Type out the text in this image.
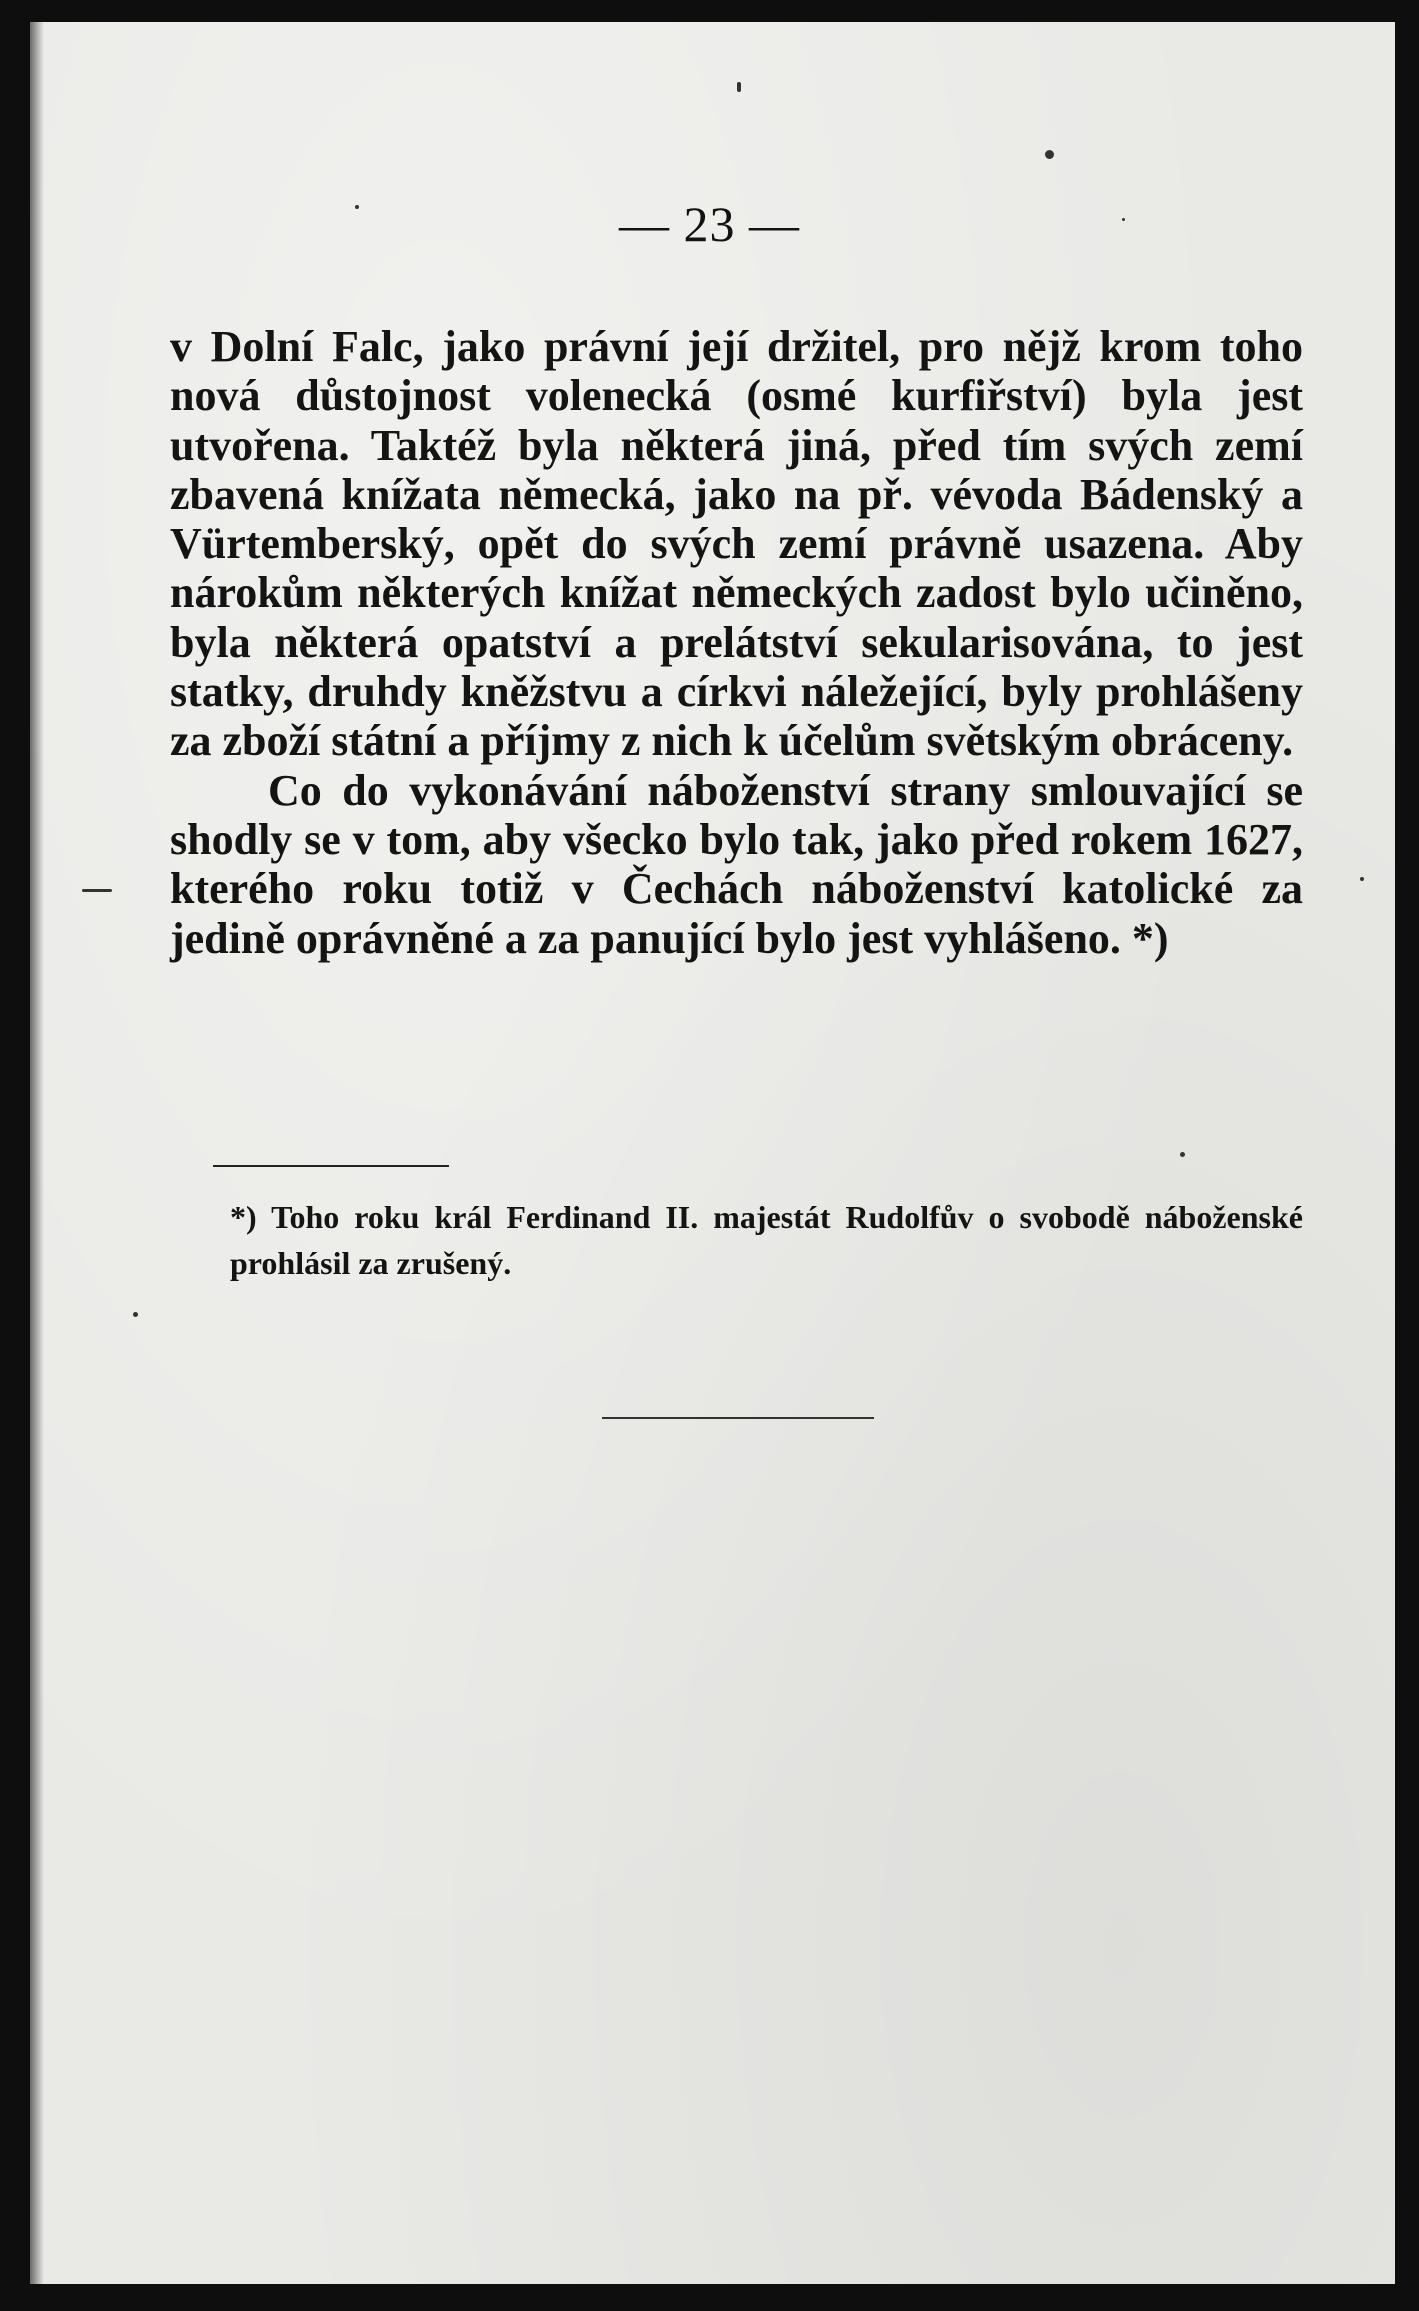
— 23 —

v Dolní Falc, jako právní její držitel, pro nějž krom toho nová důstojnost volenecká (osmé kurfiřství) byla jest utvořena. Taktéž byla některá jiná, před tím svých zemí zbavená knížata německá, jako na př. vévoda Bádenský a Vürtemberský, opět do svých zemí právně usazena. Aby nárokům některých knížat německých zadost bylo učiněno, byla některá opatství a prelátství sekularisována, to jest statky, druhdy kněžstvu a církvi náležející, byly prohlášeny za zboží státní a příjmy z nich k účelům světským obráceny.

Co do vykonávání náboženství strany smlouvající se shodly se v tom, aby všecko bylo tak, jako před rokem 1627, kterého roku totiž v Čechách náboženství katolické za jedině oprávněné a za panující bylo jest vyhlášeno. *)

*) Toho roku král Ferdinand II. majestát Rudolfův o svobodě náboženské prohlásil za zrušený.
